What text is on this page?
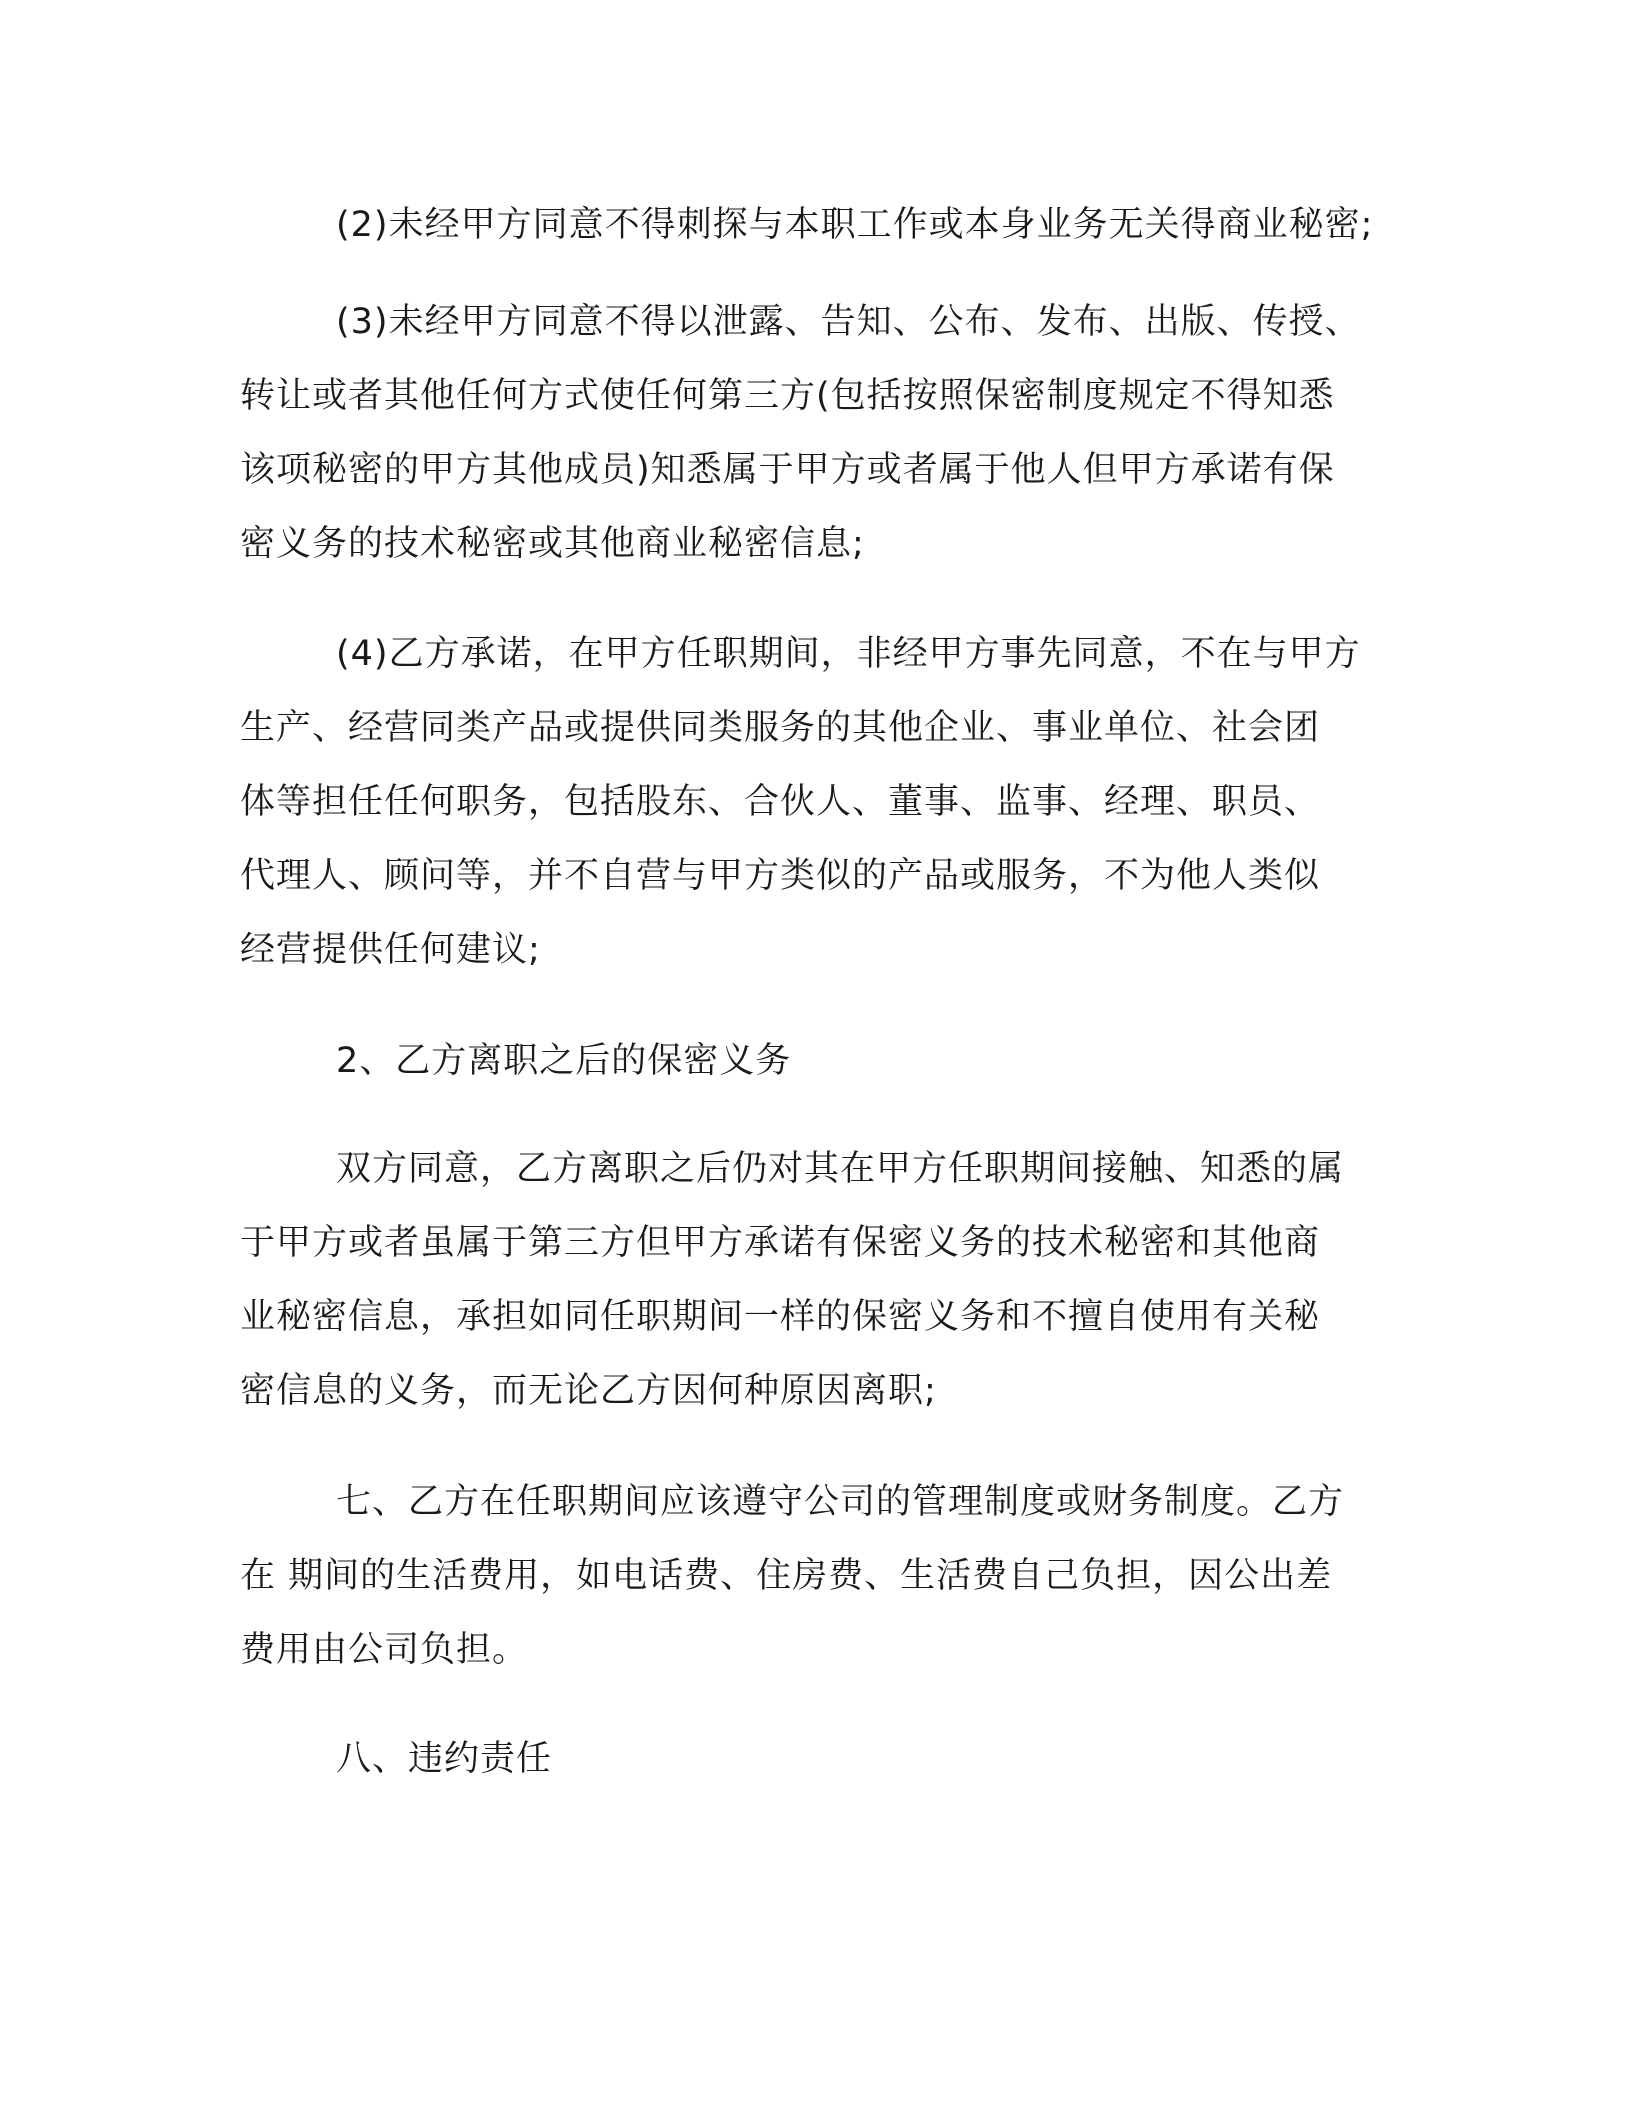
(2)未经甲方同意不得刺探与本职工作或本身业务无关得商业秘密;

(3)未经甲方同意不得以泄露、告知、公布、发布、出版、传授、
转让或者其他任何方式使任何第三方(包括按照保密制度规定不得知悉
该项秘密的甲方其他成员)知悉属于甲方或者属于他人但甲方承诺有保
密义务的技术秘密或其他商业秘密信息;

(4)乙方承诺，在甲方任职期间，非经甲方事先同意，不在与甲方
生产、经营同类产品或提供同类服务的其他企业、事业单位、社会团
体等担任任何职务，包括股东、合伙人、董事、监事、经理、职员、
代理人、顾问等，并不自营与甲方类似的产品或服务，不为他人类似
经营提供任何建议;

2、乙方离职之后的保密义务

双方同意，乙方离职之后仍对其在甲方任职期间接触、知悉的属
于甲方或者虽属于第三方但甲方承诺有保密义务的技术秘密和其他商
业秘密信息，承担如同任职期间一样的保密义务和不擅自使用有关秘
密信息的义务，而无论乙方因何种原因离职;

七、乙方在任职期间应该遵守公司的管理制度或财务制度。乙方
在 期间的生活费用，如电话费、住房费、生活费自己负担，因公出差
费用由公司负担。

八、违约责任
